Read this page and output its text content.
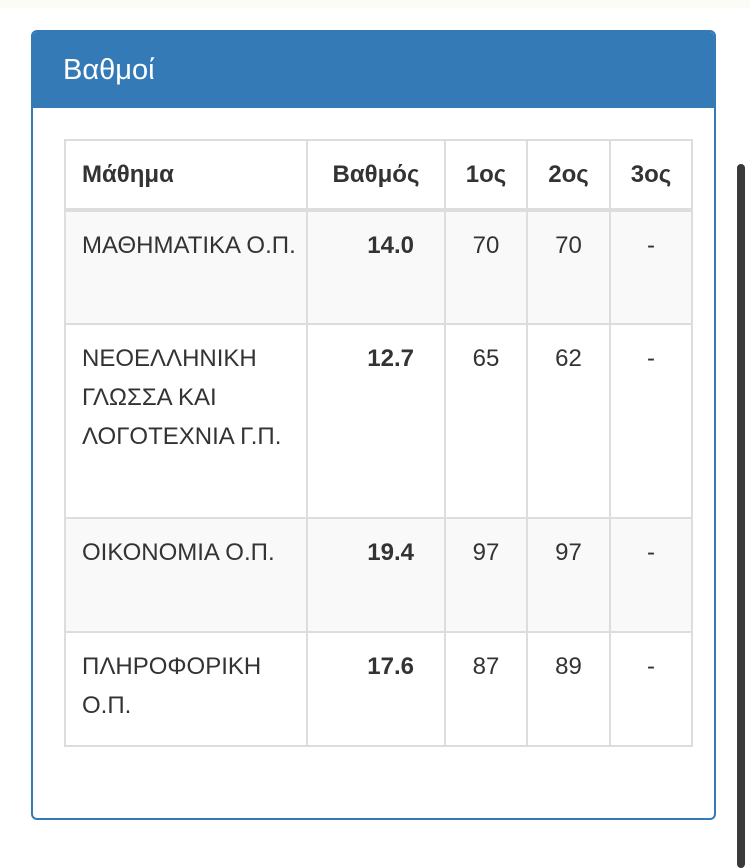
Βαθμοί
Μάθημα	Βαθμός	1ος	2ος	3ος
ΜΑΘΗΜΑΤΙΚΑ Ο.Π.	14.0	70	70	-
ΝΕΟΕΛΛΗΝΙΚΗ ΓΛΩΣΣΑ ΚΑΙ ΛΟΓΟΤΕΧΝΙΑ Γ.Π.	12.7	65	62	-
ΟΙΚΟΝΟΜΙΑ Ο.Π.	19.4	97	97	-
ΠΛΗΡΟΦΟΡΙΚΗ Ο.Π.	17.6	87	89	-
